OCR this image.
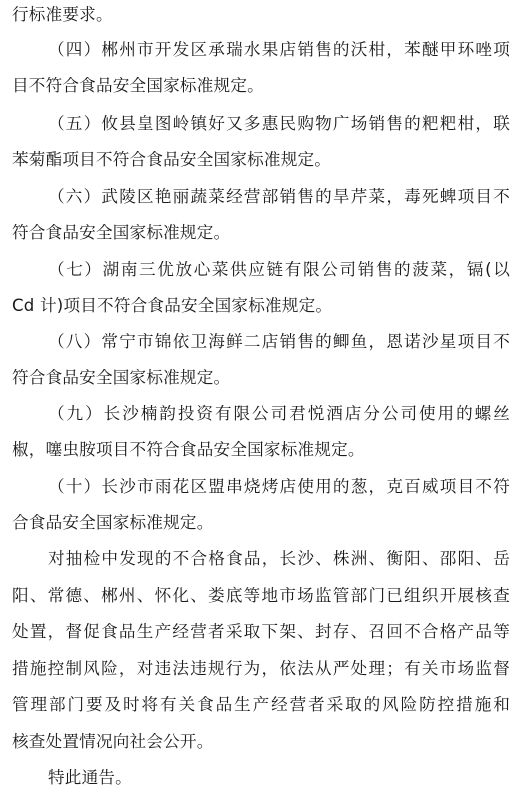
行标准要求。
（四）郴州市开发区承瑞水果店销售的沃柑，苯醚甲环唑项
目不符合食品安全国家标准规定。
（五）攸县皇图岭镇好又多惠民购物广场销售的粑粑柑，联
苯菊酯项目不符合食品安全国家标准规定。
（六）武陵区艳丽蔬菜经营部销售的旱芹菜，毒死蜱项目不
符合食品安全国家标准规定。
（七）湖南三优放心菜供应链有限公司销售的菠菜，镉(以
Cd 计)项目不符合食品安全国家标准规定。
（八）常宁市锦依卫海鲜二店销售的鲫鱼，恩诺沙星项目不
符合食品安全国家标准规定。
（九）长沙楠韵投资有限公司君悦酒店分公司使用的螺丝
椒，噻虫胺项目不符合食品安全国家标准规定。
（十）长沙市雨花区盟串烧烤店使用的葱，克百威项目不符
合食品安全国家标准规定。
对抽检中发现的不合格食品，长沙、株洲、衡阳、邵阳、岳
阳、常德、郴州、怀化、娄底等地市场监管部门已组织开展核查
处置，督促食品生产经营者采取下架、封存、召回不合格产品等
措施控制风险，对违法违规行为，依法从严处理；有关市场监督
管理部门要及时将有关食品生产经营者采取的风险防控措施和
核查处置情况向社会公开。
特此通告。
